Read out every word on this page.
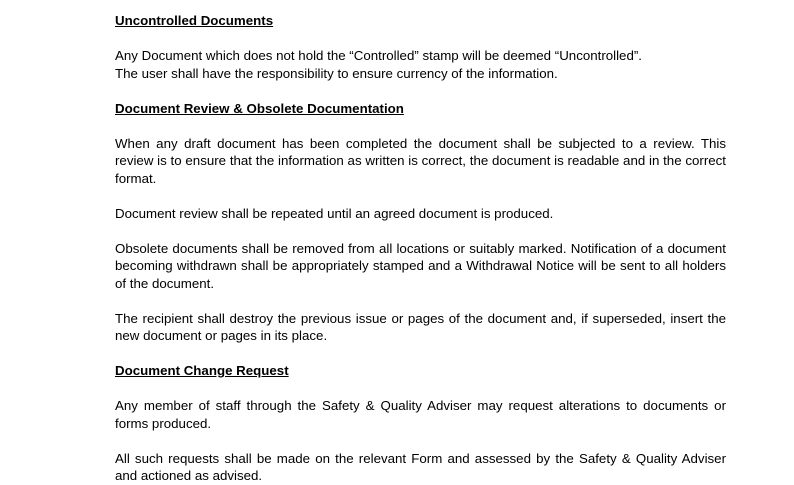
Uncontrolled Documents

Any Document which does not hold the “Controlled” stamp will be deemed “Uncontrolled”.
The user shall have the responsibility to ensure currency of the information.

Document Review & Obsolete Documentation

When any draft document has been completed the document shall be subjected to a review. This review is to ensure that the information as written is correct, the document is readable and in the correct format.

Document review shall be repeated until an agreed document is produced.

Obsolete documents shall be removed from all locations or suitably marked. Notification of a document becoming withdrawn shall be appropriately stamped and a Withdrawal Notice will be sent to all holders of the document.

The recipient shall destroy the previous issue or pages of the document and, if superseded, insert the new document or pages in its place.

Document Change Request

Any member of staff through the Safety & Quality Adviser may request alterations to documents or forms produced.

All such requests shall be made on the relevant Form and assessed by the Safety & Quality Adviser and actioned as advised.
